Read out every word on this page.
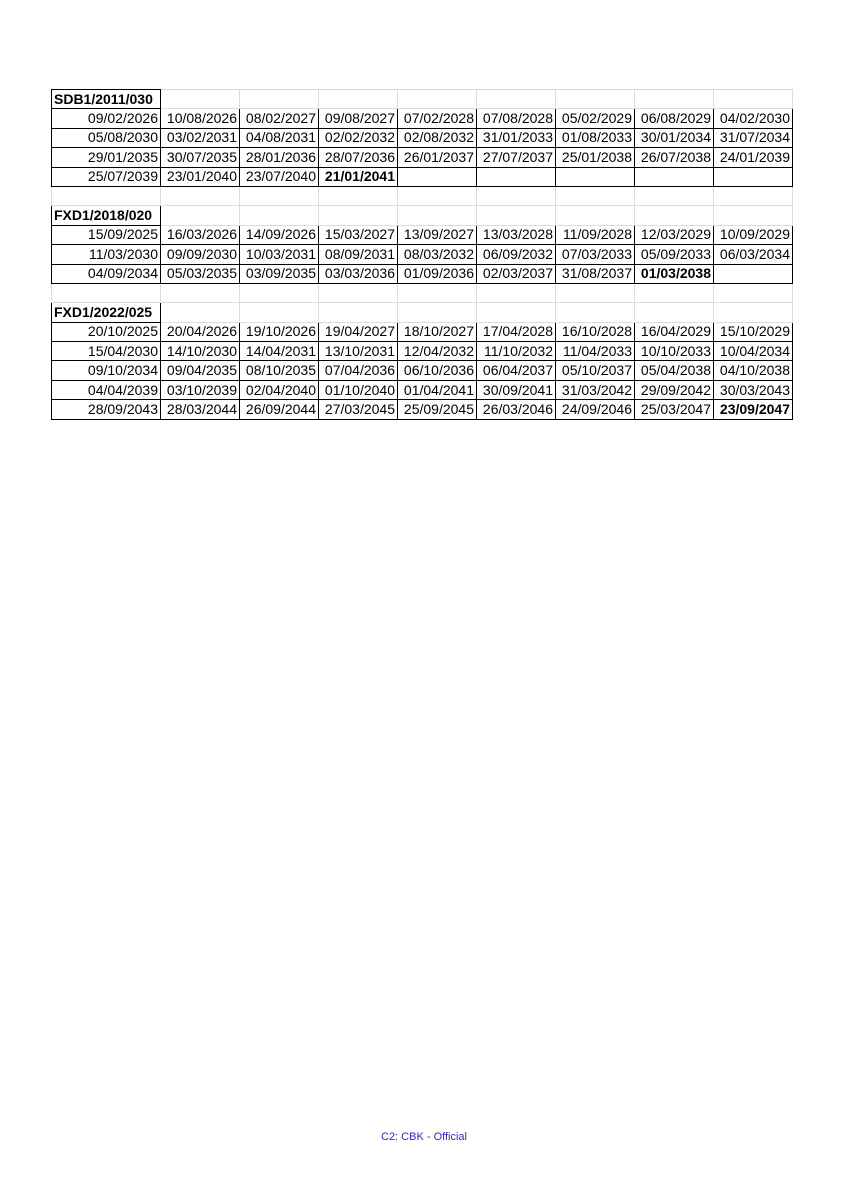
SDB1/2011/030								
09/02/2026	10/08/2026	08/02/2027	09/08/2027	07/02/2028	07/08/2028	05/02/2029	06/08/2029	04/02/2030
05/08/2030	03/02/2031	04/08/2031	02/02/2032	02/08/2032	31/01/2033	01/08/2033	30/01/2034	31/07/2034
29/01/2035	30/07/2035	28/01/2036	28/07/2036	26/01/2037	27/07/2037	25/01/2038	26/07/2038	24/01/2039
25/07/2039	23/01/2040	23/07/2040	21/01/2041					

FXD1/2018/020								
15/09/2025	16/03/2026	14/09/2026	15/03/2027	13/09/2027	13/03/2028	11/09/2028	12/03/2029	10/09/2029
11/03/2030	09/09/2030	10/03/2031	08/09/2031	08/03/2032	06/09/2032	07/03/2033	05/09/2033	06/03/2034
04/09/2034	05/03/2035	03/09/2035	03/03/2036	01/09/2036	02/03/2037	31/08/2037	01/03/2038	

FXD1/2022/025								
20/10/2025	20/04/2026	19/10/2026	19/04/2027	18/10/2027	17/04/2028	16/10/2028	16/04/2029	15/10/2029
15/04/2030	14/10/2030	14/04/2031	13/10/2031	12/04/2032	11/10/2032	11/04/2033	10/10/2033	10/04/2034
09/10/2034	09/04/2035	08/10/2035	07/04/2036	06/10/2036	06/04/2037	05/10/2037	05/04/2038	04/10/2038
04/04/2039	03/10/2039	02/04/2040	01/10/2040	01/04/2041	30/09/2041	31/03/2042	29/09/2042	30/03/2043
28/09/2043	28/03/2044	26/09/2044	27/03/2045	25/09/2045	26/03/2046	24/09/2046	25/03/2047	23/09/2047
C2: CBK - Official
